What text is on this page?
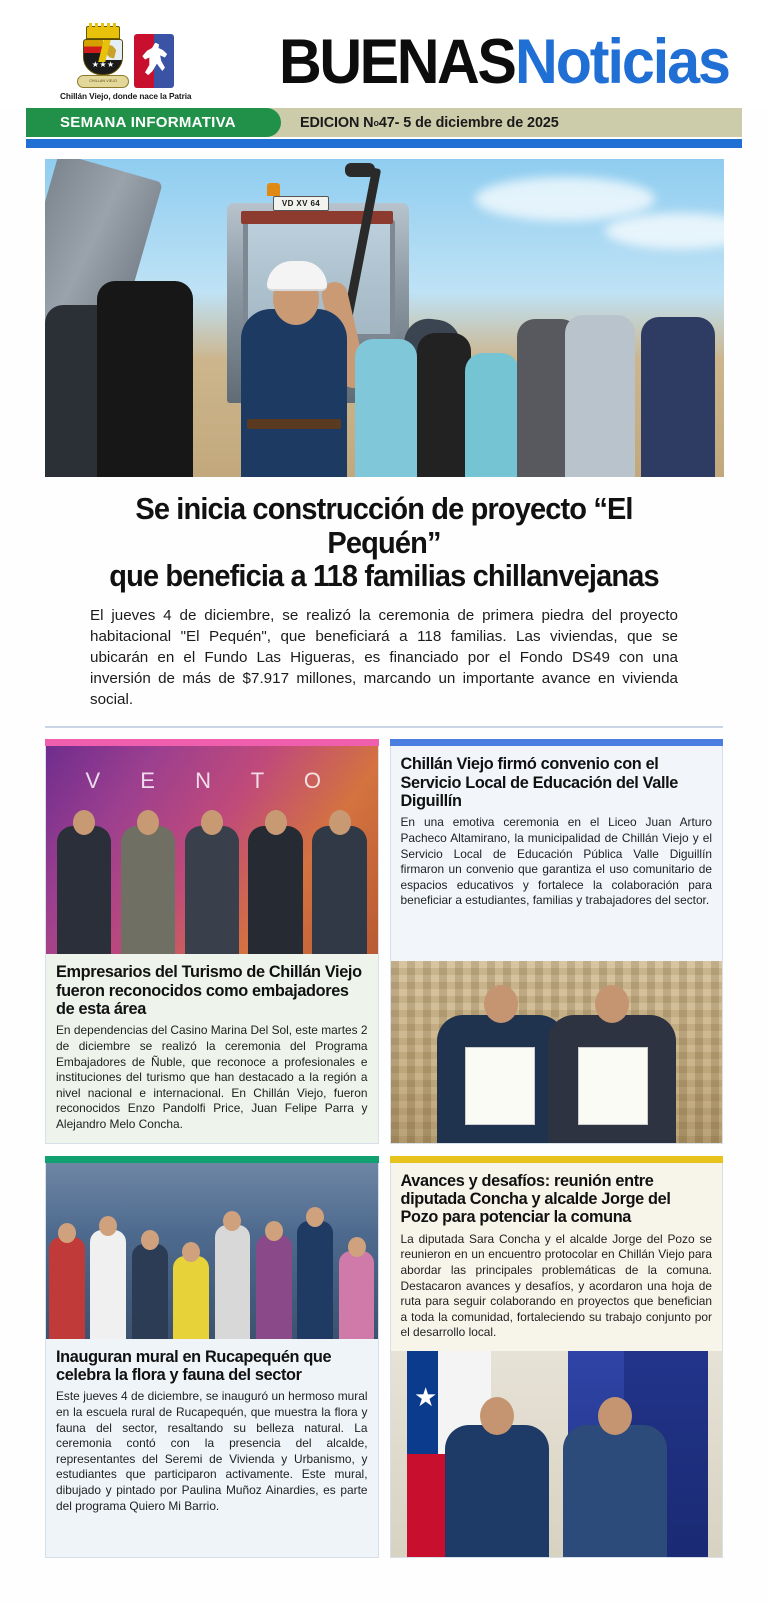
★★★
CHILLAN VIEJO
Chillán Viejo, donde nace la Patria BUENAS Noticias
SEMANA INFORMATIVA	EDICION N o 47- 5 de diciembre de 2025
VD XV 64
Se inicia construcción de proyecto “El Pequén”
que beneficia a 118 familias chillanvejanas

El jueves 4 de diciembre, se realizó la ceremonia de primera piedra del proyecto habitacional "El Pequén", que beneficiará a 118 familias. Las viviendas, que se ubicarán en el Fundo Las Higueras, es financiado por el Fondo DS49 con una inversión de más de $7.917 millones, marcando un importante avance en vivienda social.

V E N T O
Empresarios del Turismo de Chillán Viejo fueron reconocidos como embajadores de esta área

En dependencias del Casino Marina Del Sol, este martes 2 de diciembre se realizó la ceremonia del Programa Embajadores de Ñuble, que reconoce a profesionales e instituciones del turismo que han destacado a la región a nivel nacional e internacional. En Chillán Viejo, fueron reconocidos Enzo Pandolfi Price, Juan Felipe Parra y Alejandro Melo Concha.

Chillán Viejo firmó convenio con el Servicio Local de Educación del Valle Diguillín

En una emotiva ceremonia en el Liceo Juan Arturo Pacheco Altamirano, la municipalidad de Chillán Viejo y el Servicio Local de Educación Pública Valle Diguillín firmaron un convenio que garantiza el uso comunitario de espacios educativos y fortalece la colaboración para beneficiar a estudiantes, familias y trabajadores del sector.

Inauguran mural en Rucapequén que celebra la flora y fauna del sector

Este jueves 4 de diciembre, se inauguró un hermoso mural en la escuela rural de Rucapequén, que muestra la flora y fauna del sector, resaltando su belleza natural. La ceremonia contó con la presencia del alcalde, representantes del Seremi de Vivienda y Urbanismo, y estudiantes que participaron activamente. Este mural, dibujado y pintado por Paulina Muñoz Ainardies, es parte del programa Quiero Mi Barrio.

Avances y desafíos: reunión entre diputada Concha y alcalde Jorge del Pozo para potenciar la comuna

La diputada Sara Concha y el alcalde Jorge del Pozo se reunieron en un encuentro protocolar en Chillán Viejo para abordar las principales problemáticas de la comuna. Destacaron avances y desafíos, y acordaron una hoja de ruta para seguir colaborando en proyectos que benefician a toda la comunidad, fortaleciendo su trabajo conjunto por el desarrollo local.

★
